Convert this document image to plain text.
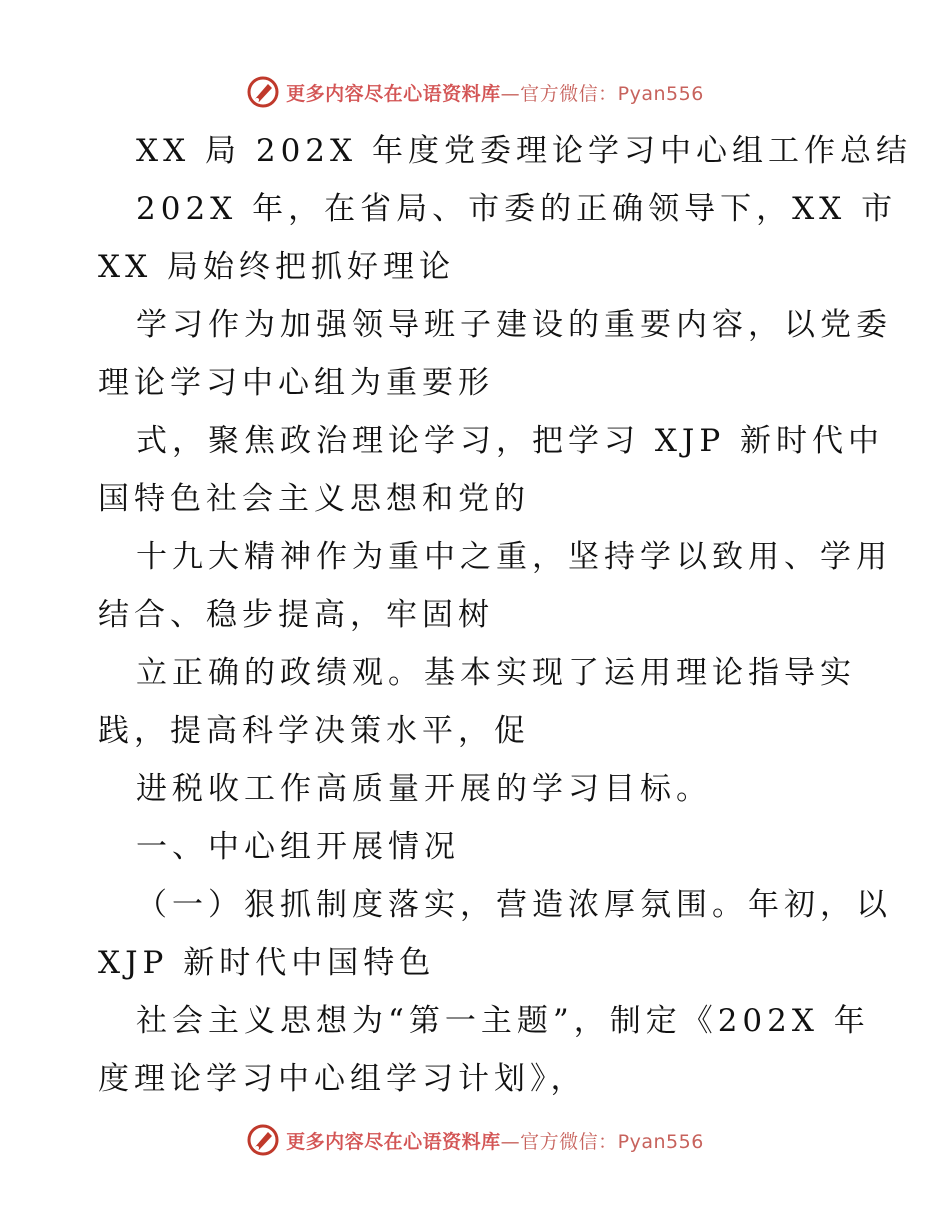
更多内容尽在心语资料库 —官方微信：Pyan556
XX 局 202X 年度党委理论学习中心组工作总结
202X 年，在省局、市委的正确领导下，XX 市
XX 局始终把抓好理论
学习作为加强领导班子建设的重要内容，以党委
理论学习中心组为重要形
式，聚焦政治理论学习，把学习 XJP 新时代中
国特色社会主义思想和党的
十九大精神作为重中之重，坚持学以致用、学用
结合、稳步提高，牢固树
立正确的政绩观。基本实现了运用理论指导实
践，提高科学决策水平，促
进税收工作高质量开展的学习目标。
一、中心组开展情况
（一）狠抓制度落实，营造浓厚氛围。年初，以
XJP 新时代中国特色
社会主义思想为“第一主题”，制定《202X 年
度理论学习中心组学习计划》，
更多内容尽在心语资料库 —官方微信：Pyan556
